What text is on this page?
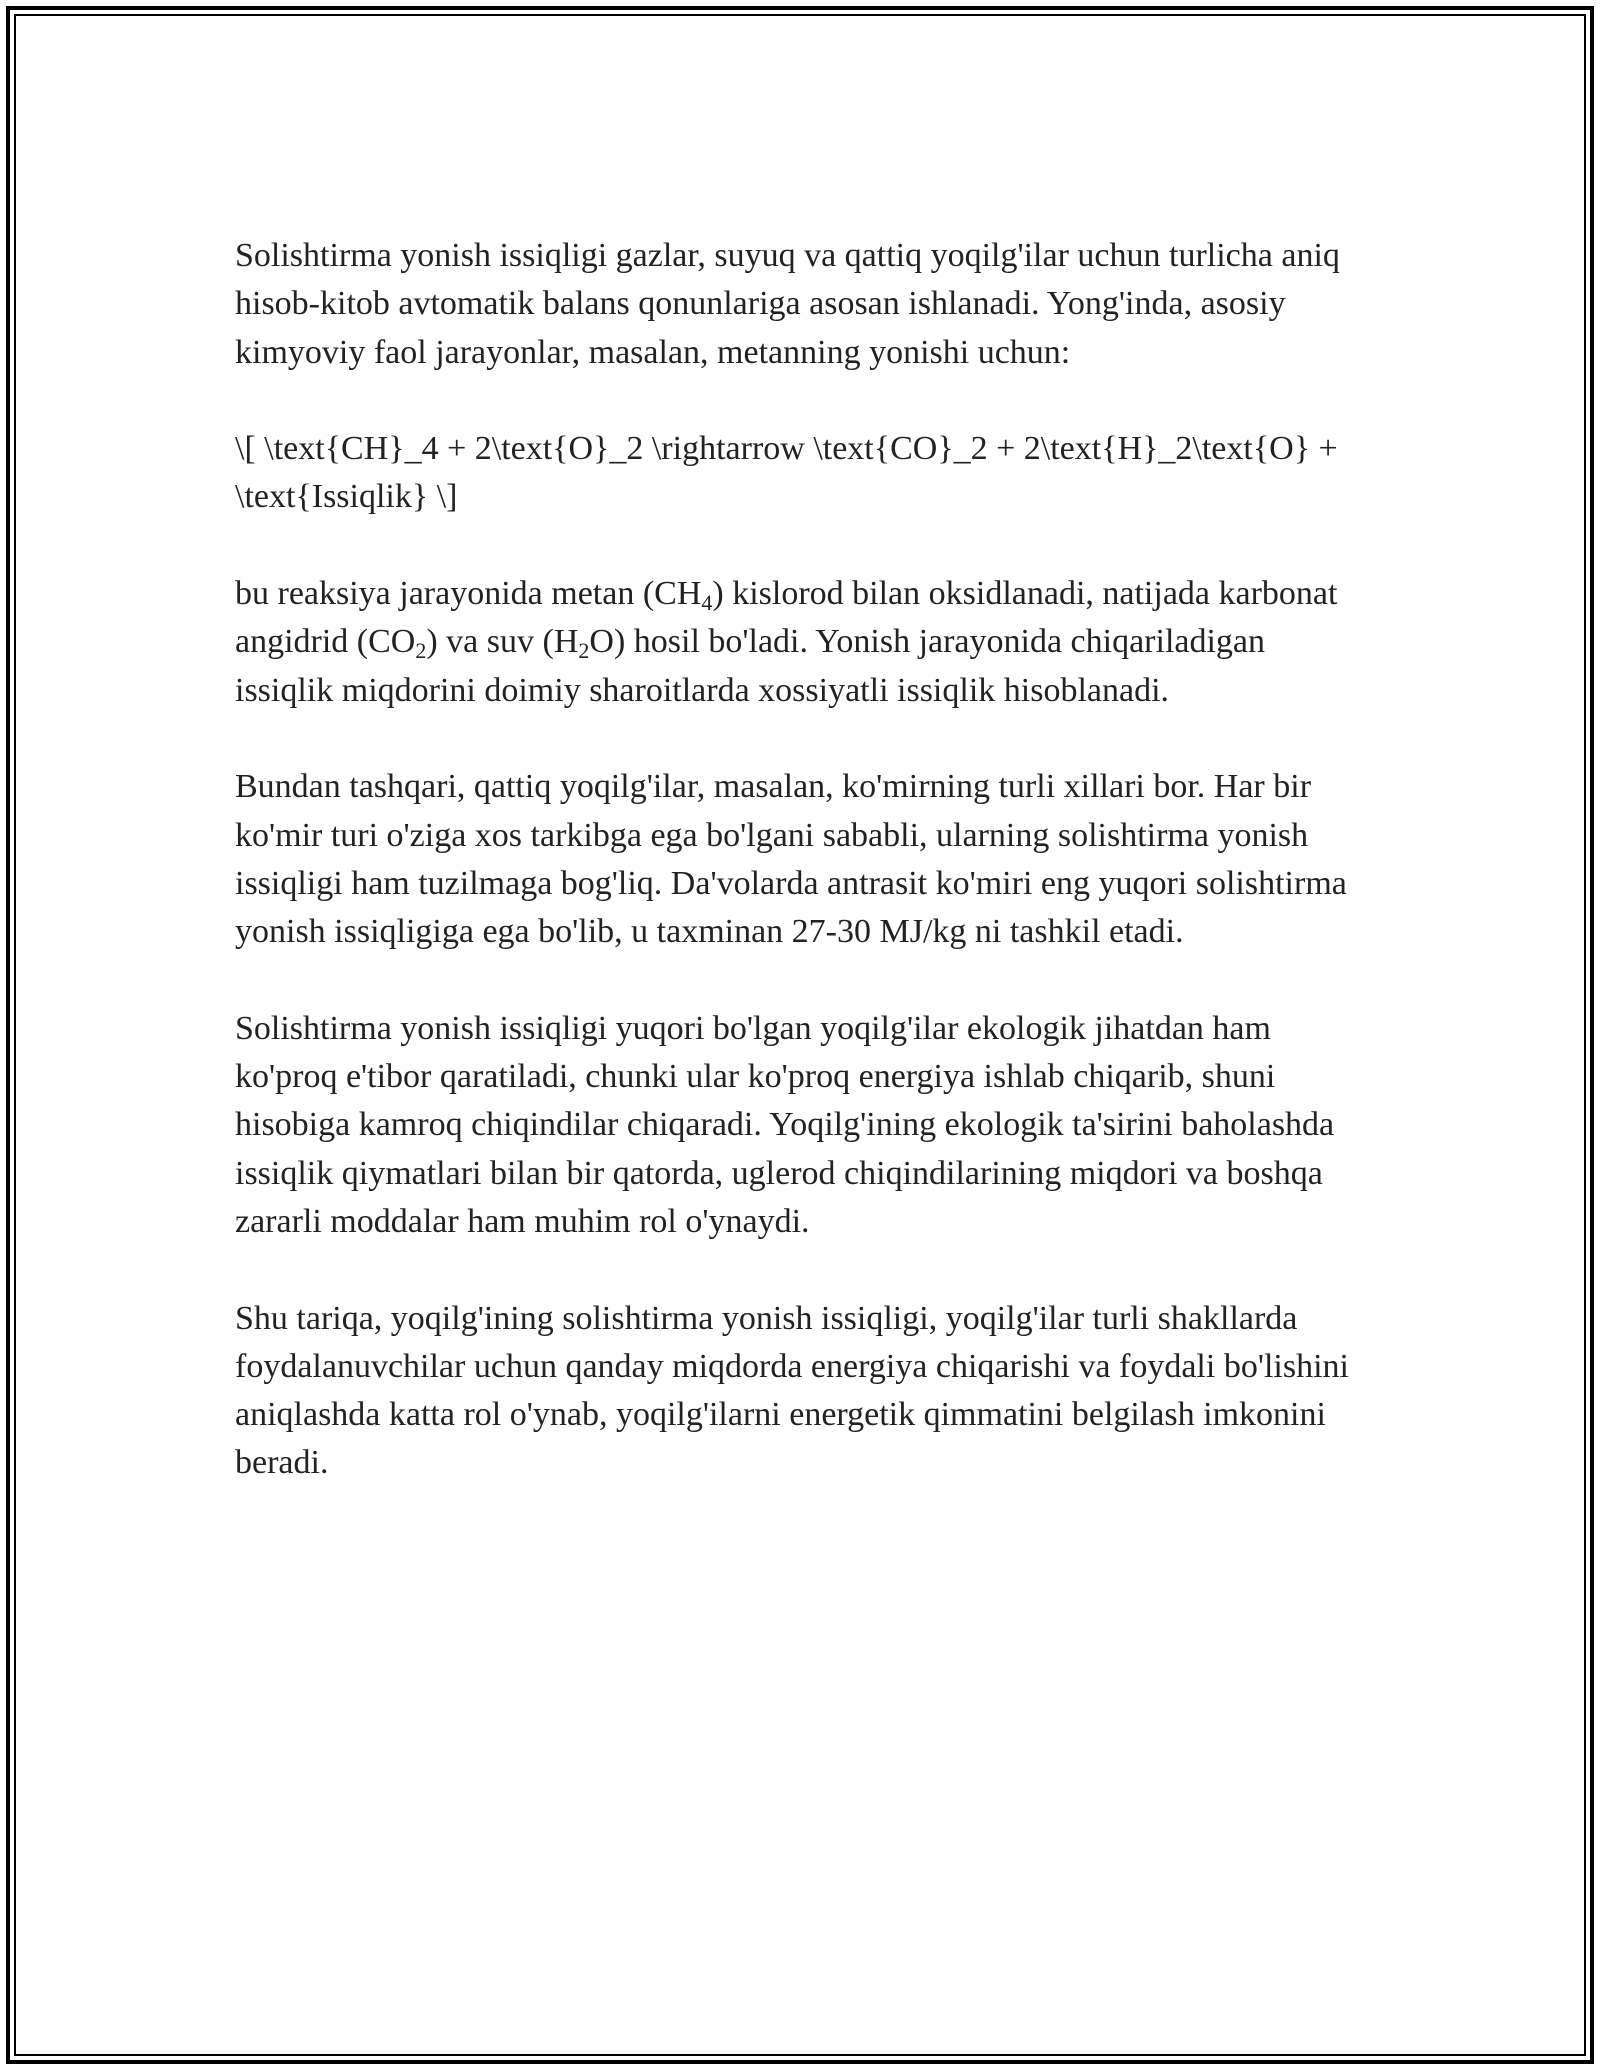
Solishtirma yonish issiqligi gazlar, suyuq va qattiq yoqilg'ilar uchun turlicha aniq hisob-kitob avtomatik balans qonunlariga asosan ishlanadi. Yong'inda, asosiy kimyoviy faol jarayonlar, masalan, metanning yonishi uchun:

\[ \text{CH}_4 + 2\text{O}_2 \rightarrow \text{CO}_2 + 2\text{H}_2\text{O} + \text{Issiqlik} \]

bu reaksiya jarayonida metan $(CH_4)$ kislorod bilan oksidlanadi, natijada karbonat angidrid $(CO_2)$ va suv $(H_2O)$ hosil bo'ladi. Yonish jarayonida chiqariladigan issiqlik miqdorini doimiy sharoitlarda xossiyatli issiqlik hisoblanadi.

Bundan tashqari, qattiq yoqilg'ilar, masalan, ko'mirning turli xillari bor. Har bir ko'mir turi o'ziga xos tarkibga ega bo'lgani sababli, ularning solishtirma yonish issiqligi ham tuzilmaga bog'liq. Da'volarda antrasit ko'miri eng yuqori solishtirma yonish issiqligiga ega bo'lib, u taxminan 27-30 MJ/kg ni tashkil etadi.

Solishtirma yonish issiqligi yuqori bo'lgan yoqilg'ilar ekologik jihatdan ham ko'proq e'tibor qaratiladi, chunki ular ko'proq energiya ishlab chiqarib, shuni hisobiga kamroq chiqindilar chiqaradi. Yoqilg'ining ekologik ta'sirini baholashda issiqlik qiymatlari bilan bir qatorda, uglerod chiqindilarining miqdori va boshqa zararli moddalar ham muhim rol o'ynaydi.

Shu tariqa, yoqilg'ining solishtirma yonish issiqligi, yoqilg'ilar turli shakllarda foydalanuvchilar uchun qanday miqdorda energiya chiqarishi va foydali bo'lishini aniqlashda katta rol o'ynab, yoqilg'ilarni energetik qimmatini belgilash imkonini beradi.
